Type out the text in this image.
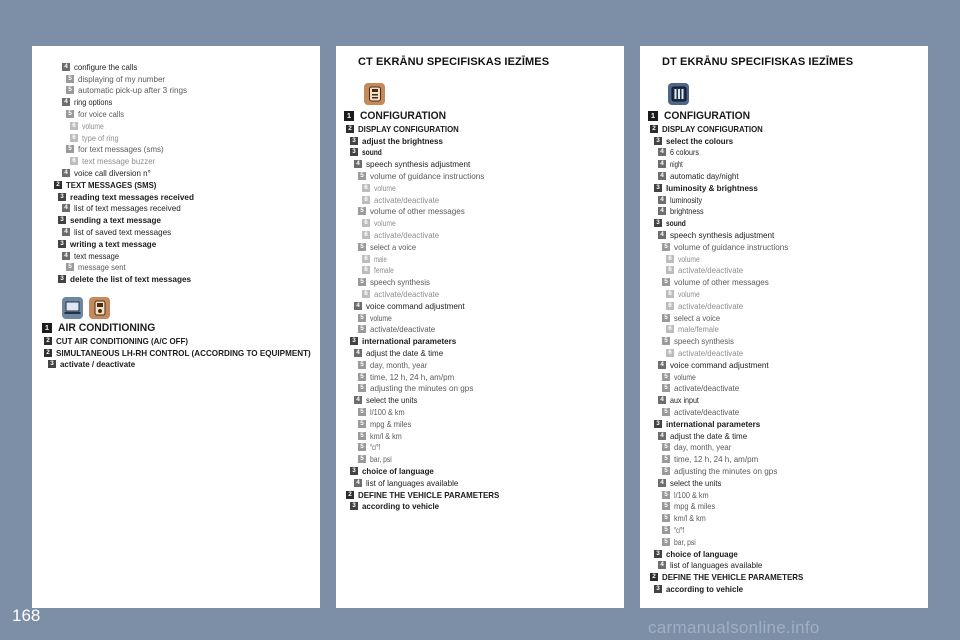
4 configure the calls
5 displaying of my number
5 automatic pick-up after 3 rings
4 ring options
5 for voice calls
6 volume
6 type of ring
5 for text messages (sms)
6 text message buzzer
4 voice call diversion n°
2 TEXT MESSAGES (SMS)
3 reading text messages received
4 list of text messages received
3 sending a text message
4 list of saved text messages
3 writing a text message
4 text message
5 message sent
3 delete the list of text messages
1 AIR CONDITIONING
2 CUT AIR CONDITIONING (A/C OFF)
2 SIMULTANEOUS LH-RH CONTROL (ACCORDING TO EQUIPMENT)
3 activate / deactivate
CT EKRĀNU SPECIFISKAS IEZĪMES
1 CONFIGURATION
2 DISPLAY CONFIGURATION
3 adjust the brightness
3 sound
4 speech synthesis adjustment
5 volume of guidance instructions
6 volume
6 activate/deactivate
5 volume of other messages
6 volume
6 activate/deactivate
5 select a voice
6 male
6 female
5 speech synthesis
6 activate/deactivate
4 voice command adjustment
5 volume
5 activate/deactivate
3 international parameters
4 adjust the date & time
5 day, month, year
5 time, 12 h, 24 h, am/pm
5 adjusting the minutes on gps
4 select the units
5 l/100 & km
5 mpg & miles
5 km/l & km
5 °c/°f
5 bar, psi
3 choice of language
4 list of languages available
2 DEFINE THE VEHICLE PARAMETERS
3 according to vehicle
DT EKRĀNU SPECIFISKAS IEZĪMES
1 CONFIGURATION
2 DISPLAY CONFIGURATION
3 select the colours
4 6 colours
4 night
4 automatic day/night
3 luminosity & brightness
4 luminosity
4 brightness
3 sound
4 speech synthesis adjustment
5 volume of guidance instructions
6 volume
6 activate/deactivate
5 volume of other messages
6 volume
6 activate/deactivate
5 select a voice
6 male/female
5 speech synthesis
6 activate/deactivate
4 voice command adjustment
5 volume
5 activate/deactivate
4 aux input
5 activate/deactivate
3 international parameters
4 adjust the date & time
5 day, month, year
5 time, 12 h, 24 h, am/pm
5 adjusting the minutes on gps
4 select the units
5 l/100 & km
5 mpg & miles
5 km/l & km
5 °c/°f
5 bar, psi
3 choice of language
4 list of languages available
2 DEFINE THE VEHICLE PARAMETERS
3 according to vehicle
168
carmanualsonline.info
